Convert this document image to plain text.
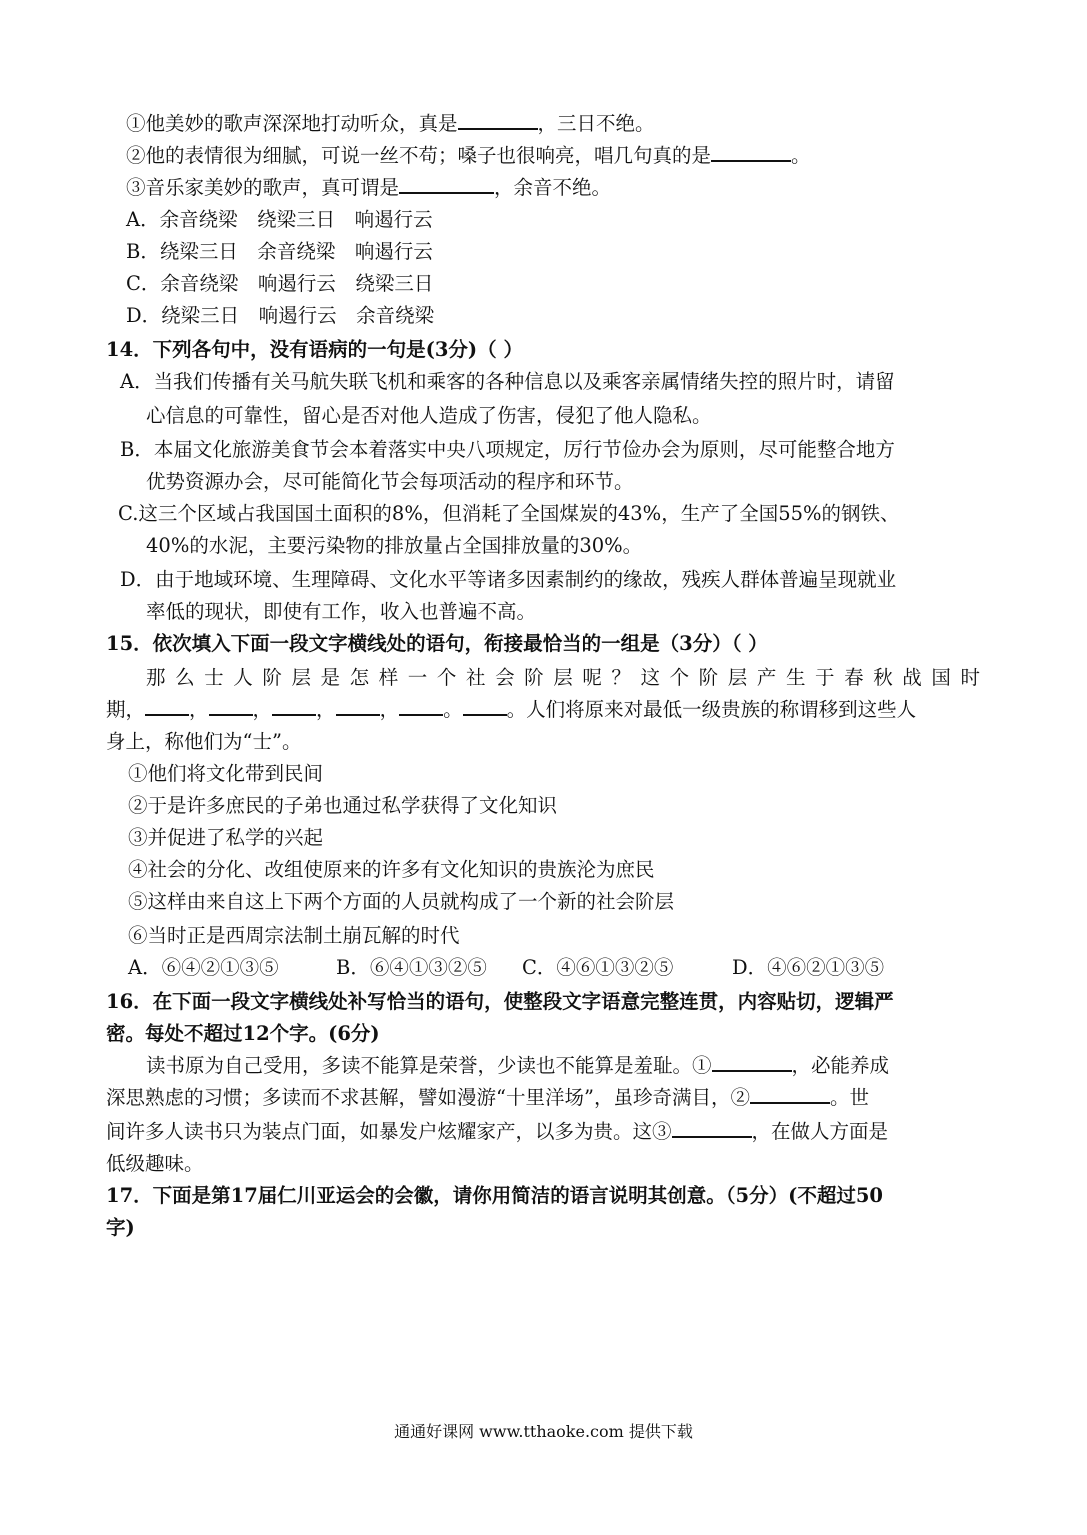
①他美妙的歌声深深地打动听众，真是	，三日不绝。
②他的表情很为细腻，可说一丝不苟；嗓子也很响亮，唱几句真的是	。
③音乐家美妙的歌声，真可谓是	，余音不绝。
A．余音绕梁　绕梁三日　响遏行云
B．绕梁三日　余音绕梁　响遏行云
C．余音绕梁　响遏行云　绕梁三日
D．绕梁三日　响遏行云　余音绕梁
14．下列各句中，没有语病的一句是(3分)（ ）
A．当我们传播有关马航失联飞机和乘客的各种信息以及乘客亲属情绪失控的照片时，请留
心信息的可靠性，留心是否对他人造成了伤害，侵犯了他人隐私。
B．本届文化旅游美食节会本着落实中央八项规定，厉行节俭办会为原则，尽可能整合地方
优势资源办会，尽可能简化节会每项活动的程序和环节。
C.这三个区域占我国国土面积的8%，但消耗了全国煤炭的43%，生产了全国55%的钢铁、
40%的水泥，主要污染物的排放量占全国排放量的30%。
D．由于地域环境、生理障碍、文化水平等诸多因素制约的缘故，残疾人群体普遍呈现就业
率低的现状，即使有工作，收入也普遍不高。
15．依次填入下面一段文字横线处的语句，衔接最恰当的一组是（3分）（ ）
那么士人阶层是怎样一个社会阶层呢？这个阶层产生于春秋战国时
期， ， ， ， ， 。 。人们将原来对最低一级贵族的称谓移到这些人
身上，称他们为“士”。
①他们将文化带到民间
②于是许多庶民的子弟也通过私学获得了文化知识
③并促进了私学的兴起
④社会的分化、改组使原来的许多有文化知识的贵族沦为庶民
⑤这样由来自这上下两个方面的人员就构成了一个新的社会阶层
⑥当时正是西周宗法制土崩瓦解的时代
A．⑥④②①③⑤	B．⑥④①③②⑤ C．④⑥①③②⑤	D．④⑥②①③⑤
16．在下面一段文字横线处补写恰当的语句，使整段文字语意完整连贯，内容贴切，逻辑严
密。每处不超过12个字。(6分)
读书原为自己受用，多读不能算是荣誉，少读也不能算是羞耻。①	，必能养成
深思熟虑的习惯；多读而不求甚解，譬如漫游“十里洋场”，虽珍奇满目，②	。世
间许多人读书只为装点门面，如暴发户炫耀家产，以多为贵。这③	，在做人方面是
低级趣味。
17．下面是第17届仁川亚运会的会徽，请你用简洁的语言说明其创意。（5分）(不超过50
字)
通通好课网 www.tthaoke.com 提供下载
